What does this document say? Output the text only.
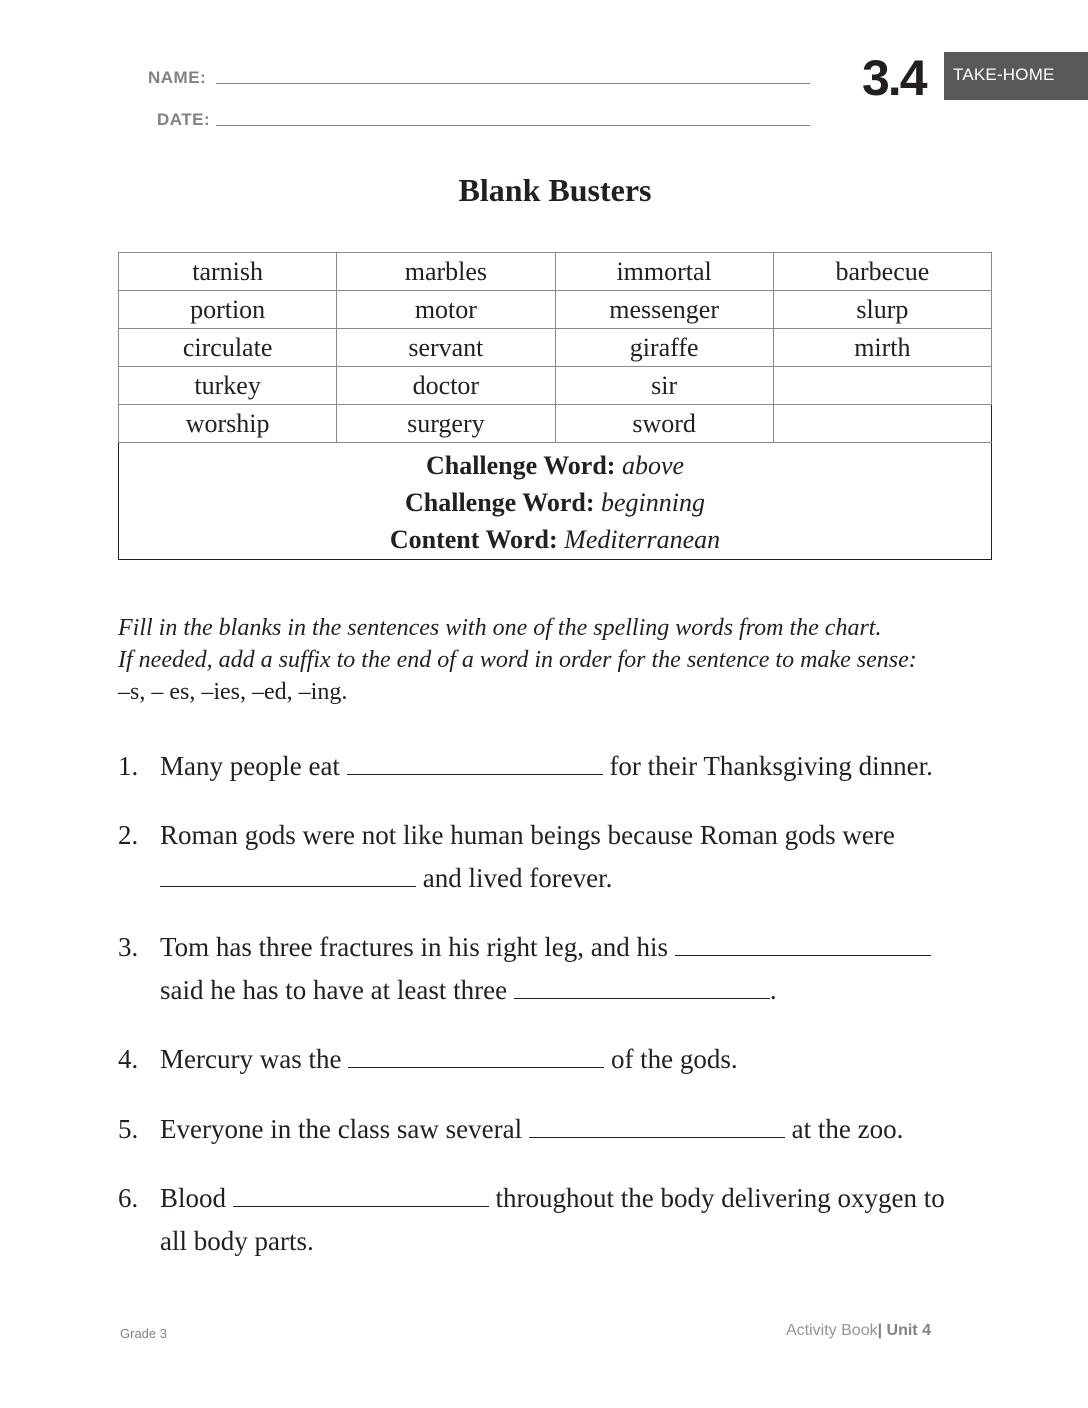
NAME:
DATE:
3.4 TAKE-HOME
Blank Busters
tarnish	marbles	immortal	barbecue
portion	motor	messenger	slurp
circulate	servant	giraffe	mirth
turkey	doctor	sir	
worship	surgery	sword	

Challenge Word: above
Challenge Word: beginning
Content Word: Mediterranean			
Fill in the blanks in the sentences with one of the spelling words from the chart.
If needed, add a suffix to the end of a word in order for the sentence to make sense:
–s, – es, –ies, –ed, –ing.
1. Many people eat	for their Thanksgiving dinner.
2. Roman gods were not like human beings because Roman gods were
and lived forever.
3. Tom has three fractures in his right leg, and his
said he has to have at least three	.
4. Mercury was the	of the gods.
5. Everyone in the class saw several	at the zoo.
6. Blood	throughout the body delivering oxygen to
all body parts.
Grade 3	Activity Book| Unit 4
